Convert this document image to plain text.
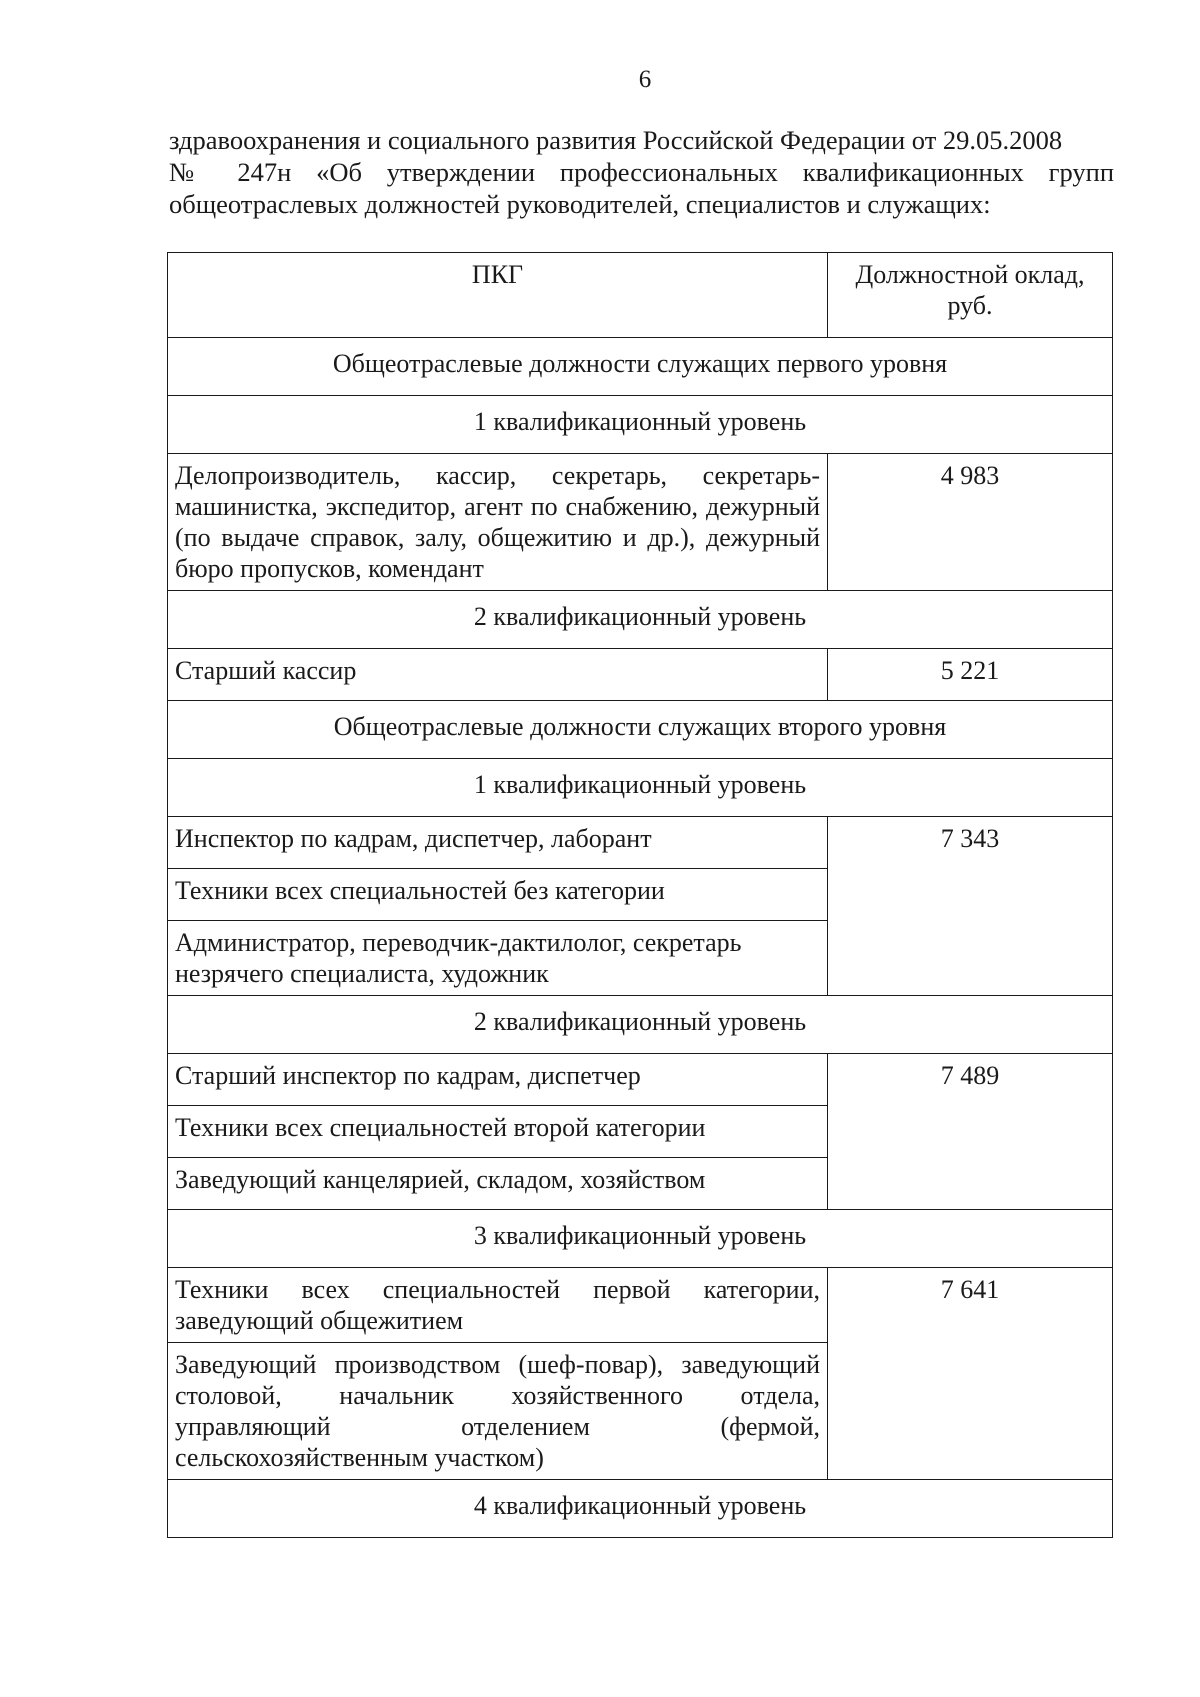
6
здравоохранения и социального развития Российской Федерации от 29.05.2008
№ 247н «Об утверждении профессиональных квалификационных групп
общеотраслевых должностей руководителей, специалистов и служащих:
ПКГ	Должностной оклад, руб.
Общеотраслевые должности служащих первого уровня	
1 квалификационный уровень	
Делопроизводитель, кассир, секретарь, секретарь-машинистка, экспедитор, агент по снабжению, дежурный (по выдаче справок, залу, общежитию и др.), дежурный бюро пропусков, комендант	4 983
2 квалификационный уровень	
Старший кассир	5 221
Общеотраслевые должности служащих второго уровня	
1 квалификационный уровень	
Инспектор по кадрам, диспетчер, лаборант	7 343
Техники всех специальностей без категории	
Администратор, переводчик-дактилолог, секретарь незрячего специалиста, художник	
2 квалификационный уровень	
Старший инспектор по кадрам, диспетчер	7 489
Техники всех специальностей второй категории	
Заведующий канцелярией, складом, хозяйством	
3 квалификационный уровень	
Техники всех специальностей первой категории, заведующий общежитием	7 641
Заведующий производством (шеф-повар), заведующий столовой, начальник хозяйственного отдела, управляющий отделением (фермой, сельскохозяйственным участком)	
4 квалификационный уровень	
